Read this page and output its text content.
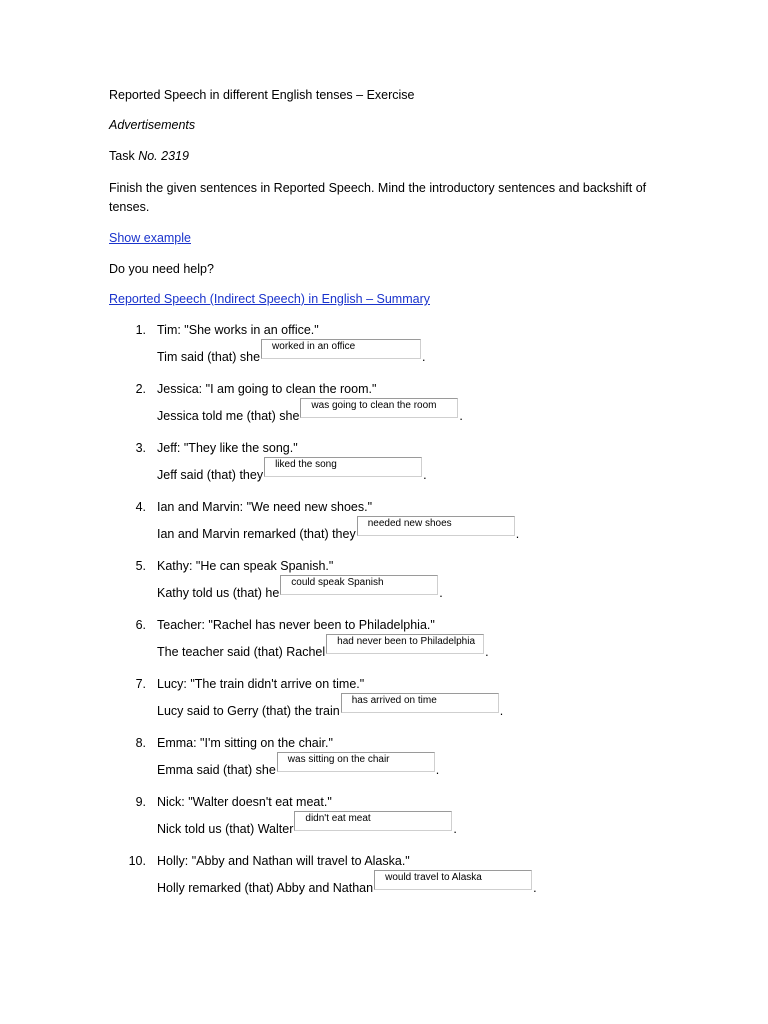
Reported Speech in different English tenses – Exercise
Advertisements
Task No. 2319
Finish the given sentences in Reported Speech. Mind the introductory sentences and backshift of tenses.
Show example
Do you need help?
Reported Speech (Indirect Speech) in English – Summary
1. Tim: "She works in an office."
Tim said (that) she
worked in an office
.
2. Jessica: "I am going to clean the room."
Jessica told me (that) she
was going to clean the room
.
3. Jeff: "They like the song."
Jeff said (that) they
liked the song
.
4. Ian and Marvin: "We need new shoes."
Ian and Marvin remarked (that) they
needed new shoes
.
5. Kathy: "He can speak Spanish."
Kathy told us (that) he
could speak Spanish
.
6. Teacher: "Rachel has never been to Philadelphia."
The teacher said (that) Rachel
had never been to Philadelphia
.
7. Lucy: "The train didn't arrive on time."
Lucy said to Gerry (that) the train
has arrived on time
.
8. Emma: "I'm sitting on the chair."
Emma said (that) she
was sitting on the chair
.
9. Nick: "Walter doesn't eat meat."
Nick told us (that) Walter
didn't eat meat
.
10. Holly: "Abby and Nathan will travel to Alaska."
Holly remarked (that) Abby and Nathan
would travel to Alaska
.
